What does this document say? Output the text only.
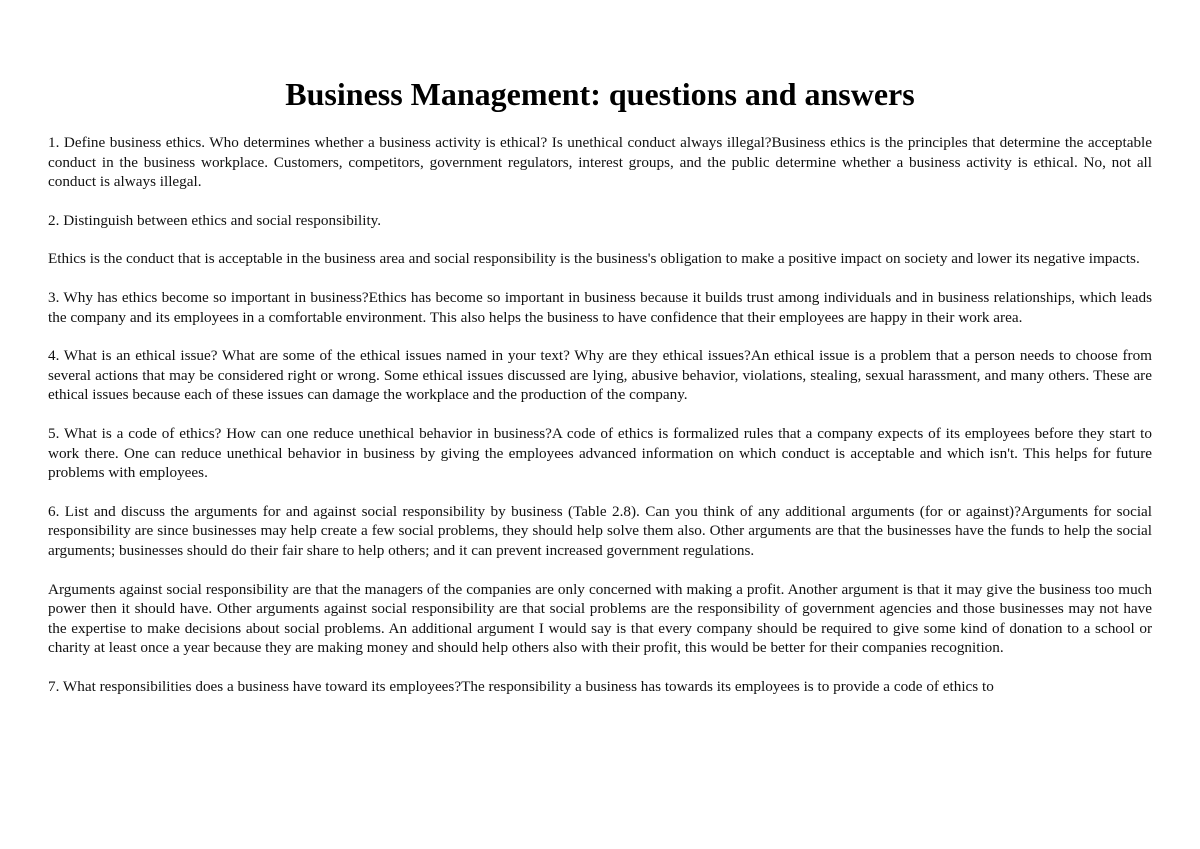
Business Management: questions and answers

1. Define business ethics. Who determines whether a business activity is ethical? Is unethical conduct always illegal?Business ethics is the principles that determine the acceptable conduct in the business workplace. Customers, competitors, government regulators, interest groups, and the public determine whether a business activity is ethical. No, not all conduct is always illegal.

2. Distinguish between ethics and social responsibility.

Ethics is the conduct that is acceptable in the business area and social responsibility is the business's obligation to make a positive impact on society and lower its negative impacts.

3. Why has ethics become so important in business?Ethics has become so important in business because it builds trust among individuals and in business relationships, which leads the company and its employees in a comfortable environment. This also helps the business to have confidence that their employees are happy in their work area.

4. What is an ethical issue? What are some of the ethical issues named in your text? Why are they ethical issues?An ethical issue is a problem that a person needs to choose from several actions that may be considered right or wrong. Some ethical issues discussed are lying, abusive behavior, violations, stealing, sexual harassment, and many others. These are ethical issues because each of these issues can damage the workplace and the production of the company.

5. What is a code of ethics? How can one reduce unethical behavior in business?A code of ethics is formalized rules that a company expects of its employees before they start to work there. One can reduce unethical behavior in business by giving the employees advanced information on which conduct is acceptable and which isn't. This helps for future problems with employees.

6. List and discuss the arguments for and against social responsibility by business (Table 2.8). Can you think of any additional arguments (for or against)?Arguments for social responsibility are since businesses may help create a few social problems, they should help solve them also. Other arguments are that the businesses have the funds to help the social arguments; businesses should do their fair share to help others; and it can prevent increased government regulations.

Arguments against social responsibility are that the managers of the companies are only concerned with making a profit. Another argument is that it may give the business too much power then it should have. Other arguments against social responsibility are that social problems are the responsibility of government agencies and those businesses may not have the expertise to make decisions about social problems. An additional argument I would say is that every company should be required to give some kind of donation to a school or charity at least once a year because they are making money and should help others also with their profit, this would be better for their companies recognition.

7. What responsibilities does a business have toward its employees?The responsibility a business has towards its employees is to provide a code of ethics to
